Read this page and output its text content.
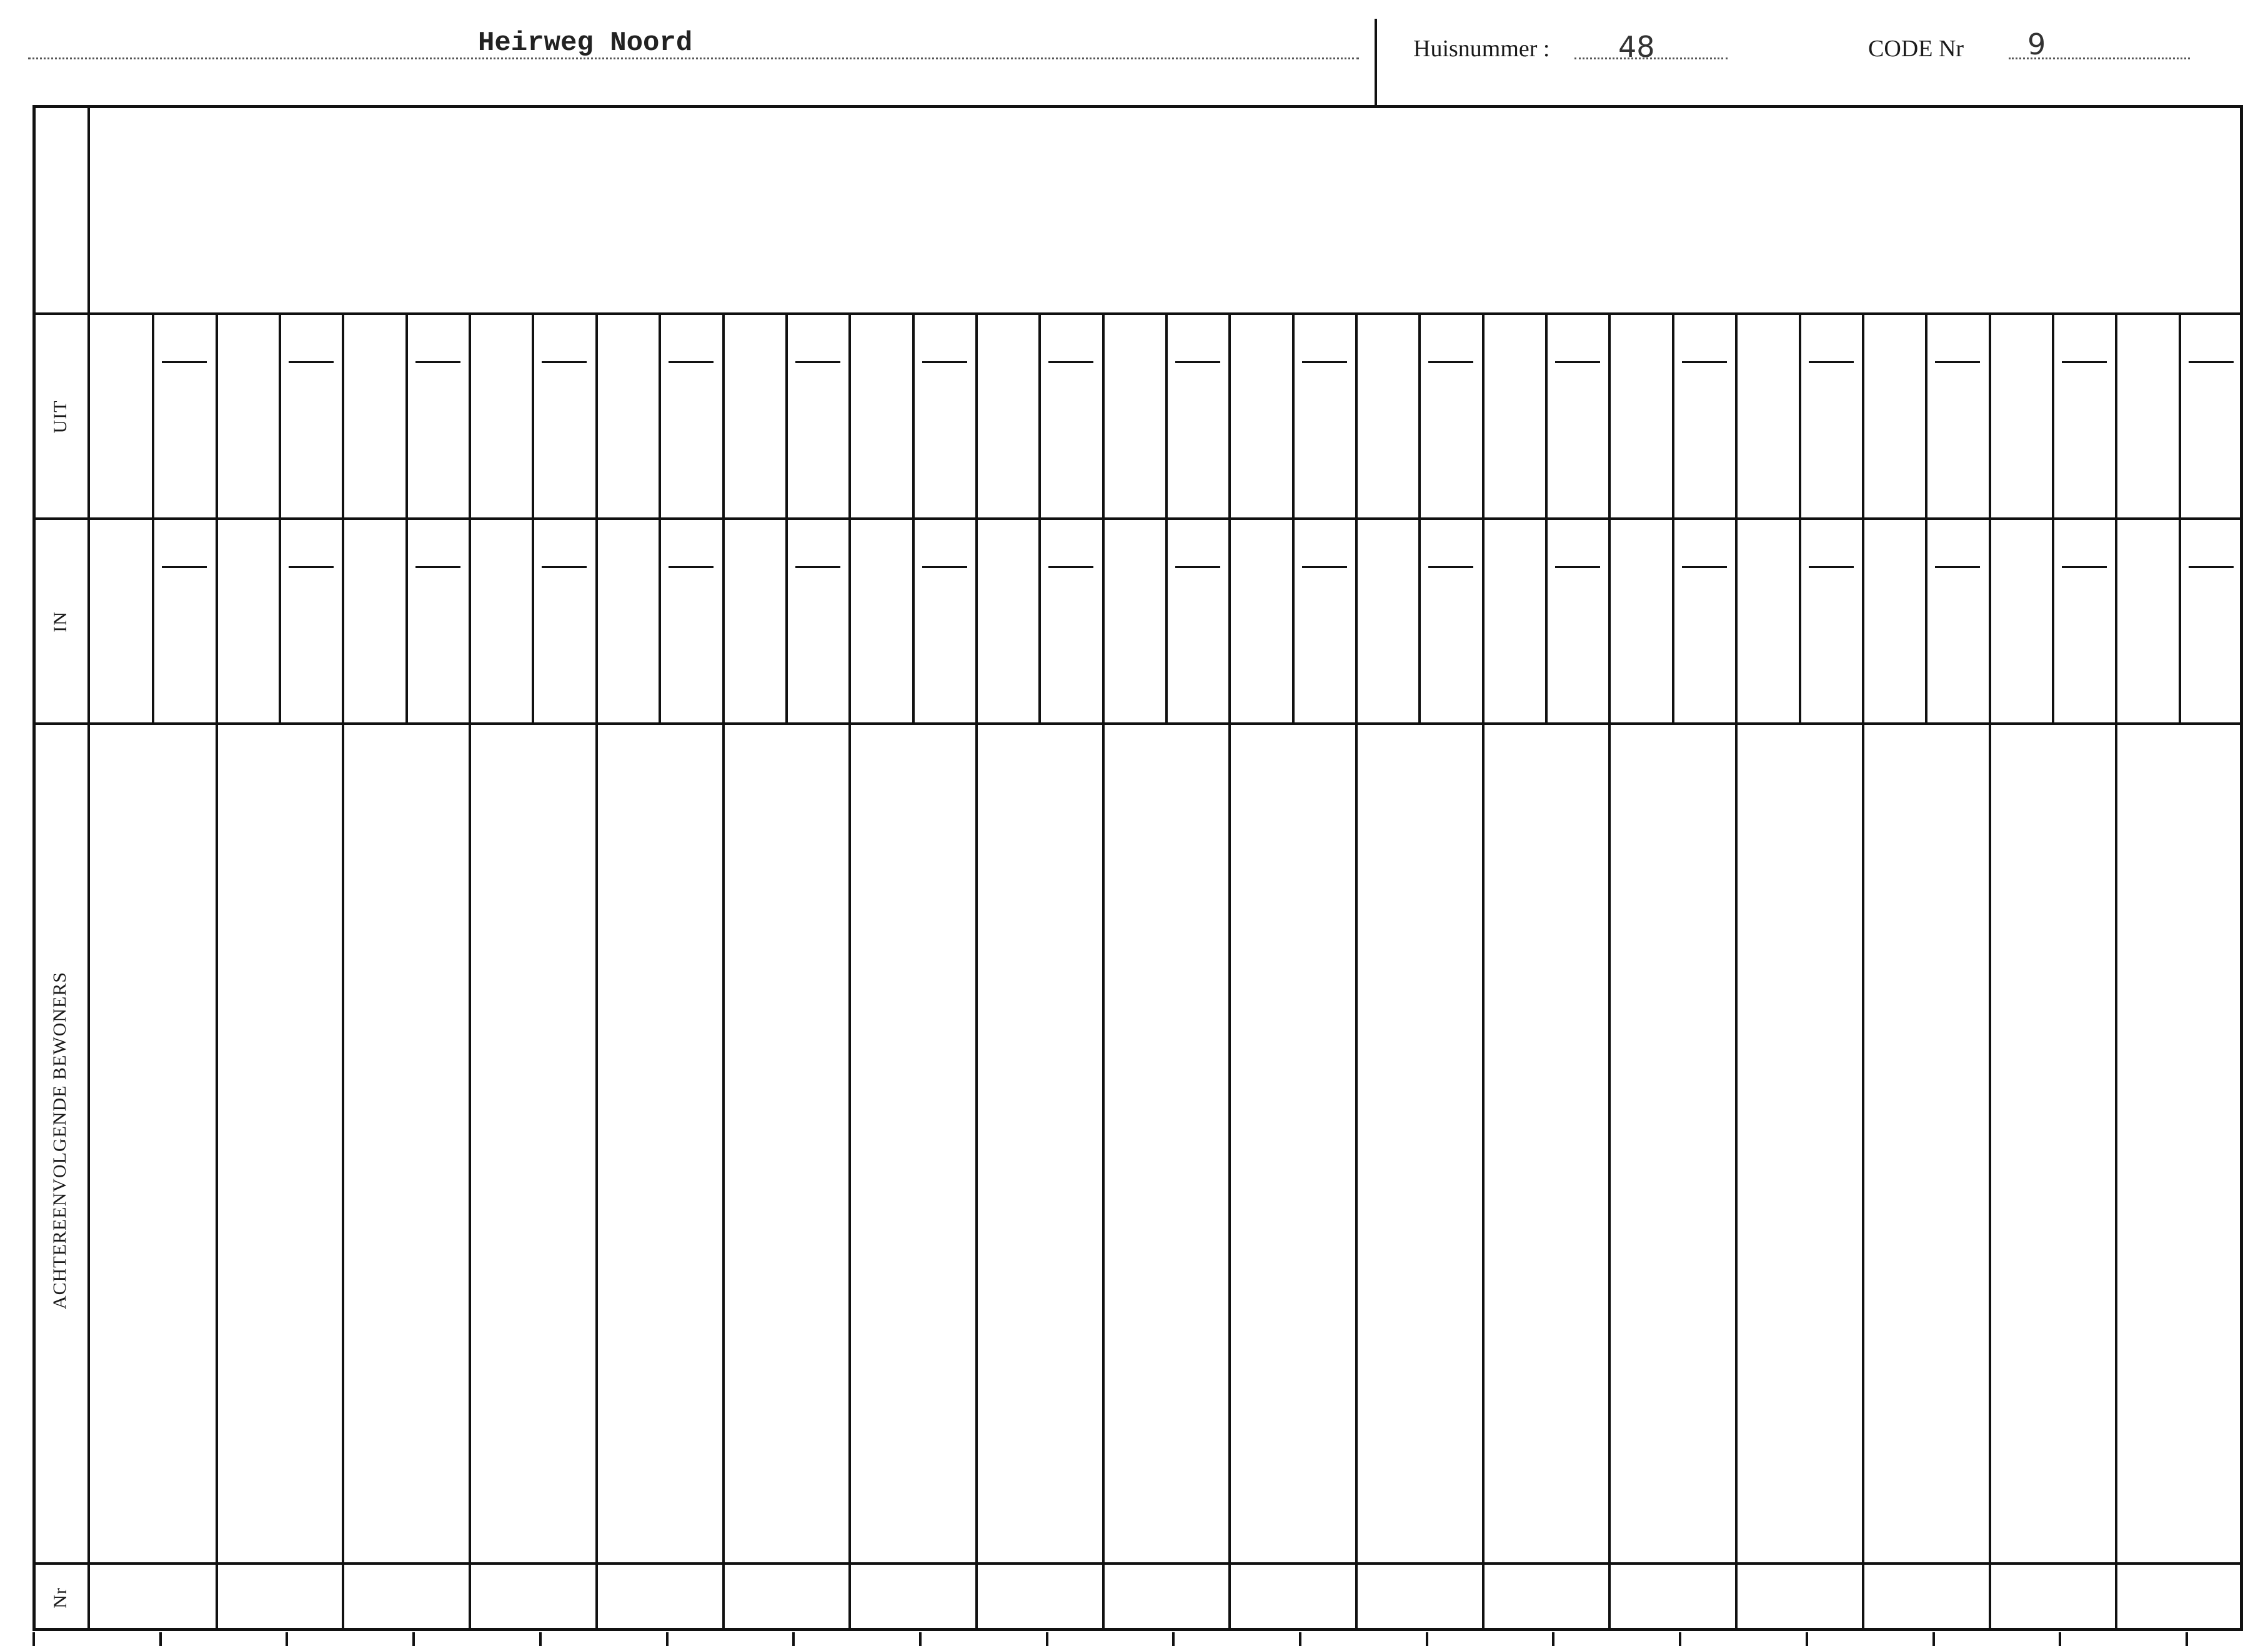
Heirweg Noord	Huisnummer : 48	CODE Nr 9
UIT
IN
ACHTEREENVOLGENDE BEWONERS
Nr
